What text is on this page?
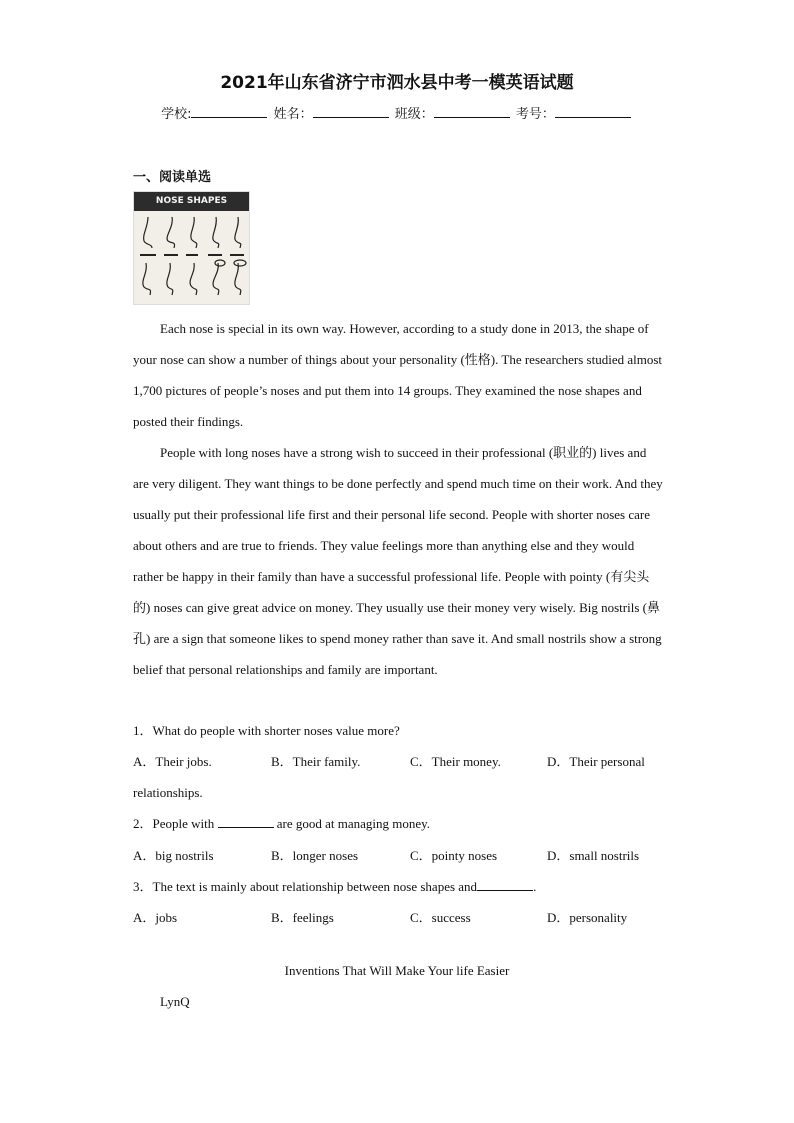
2021年山东省济宁市泗水县中考一模英语试题
学校:	姓名：	班级：	考号：
一、阅读单选
NOSE SHAPES
Each nose is special in its own way. However, according to a study done in 2013, the shape of your nose can show a number of things about your personality (性格). The researchers studied almost 1,700 pictures of people’s noses and put them into 14 groups. They examined the nose shapes and posted their findings.
People with long noses have a strong wish to succeed in their professional (职业的) lives and are very diligent. They want things to be done perfectly and spend much time on their work. And they usually put their professional life first and their personal life second. People with shorter noses care about others and are true to friends. They value feelings more than anything else and they would rather be happy in their family than have a successful professional life. People with pointy (有尖头的) noses can give great advice on money. They usually use their money very wisely. Big nostrils (鼻孔) are a sign that someone likes to spend money rather than save it. And small nostrils show a strong belief that personal relationships and family are important.
1．What do people with shorter noses value more?
A．Their jobs.	B．Their family.	C．Their money.	D．Their personal
relationships.
2．People with	are good at managing money.
A．big nostrils	B．longer noses	C．pointy noses	D．small nostrils
3．The text is mainly about relationship between nose shapes and	.
A．jobs	B．feelings	C．success	D．personality
Inventions That Will Make Your life Easier
LynQ
